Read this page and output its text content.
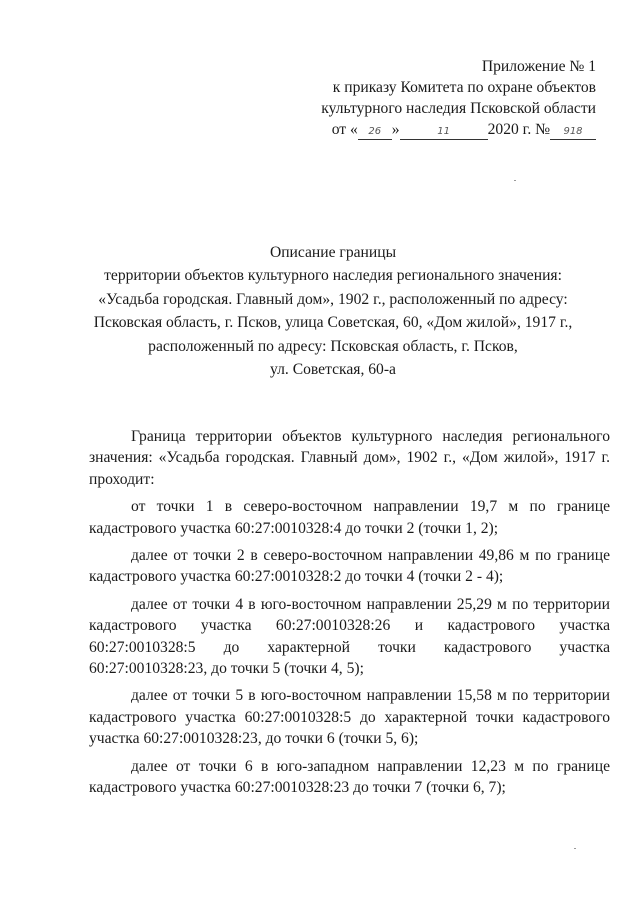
Приложение № 1
к приказу Комитета по охране объектов
культурного наследия Псковской области
от « 26 »	11 2020 г. № 918
Описание границы
территории объектов культурного наследия регионального значения:
«Усадьба городская. Главный дом», 1902 г., расположенный по адресу:
Псковская область, г. Псков, улица Советская, 60, «Дом жилой», 1917 г.,
расположенный по адресу: Псковская область, г. Псков,
ул. Советская, 60-а

Граница территории объектов культурного наследия регионального значения: «Усадьба городская. Главный дом», 1902 г., «Дом жилой», 1917 г. проходит:

от точки 1 в северо-восточном направлении 19,7 м по границе кадастрового участка 60:27:0010328:4 до точки 2 (точки 1, 2);

далее от точки 2 в северо-восточном направлении 49,86 м по границе кадастрового участка 60:27:0010328:2 до точки 4 (точки 2 - 4);

далее от точки 4 в юго-восточном направлении 25,29 м по территории кадастрового участка 60:27:0010328:26 и кадастрового участка 60:27:0010328:5 до характерной точки кадастрового участка 60:27:0010328:23, до точки 5 (точки 4, 5);

далее от точки 5 в юго-восточном направлении 15,58 м по территории кадастрового участка 60:27:0010328:5 до характерной точки кадастрового участка 60:27:0010328:23, до точки 6 (точки 5, 6);

далее от точки 6 в юго-западном направлении 12,23 м по границе кадастрового участка 60:27:0010328:23 до точки 7 (точки 6, 7);
